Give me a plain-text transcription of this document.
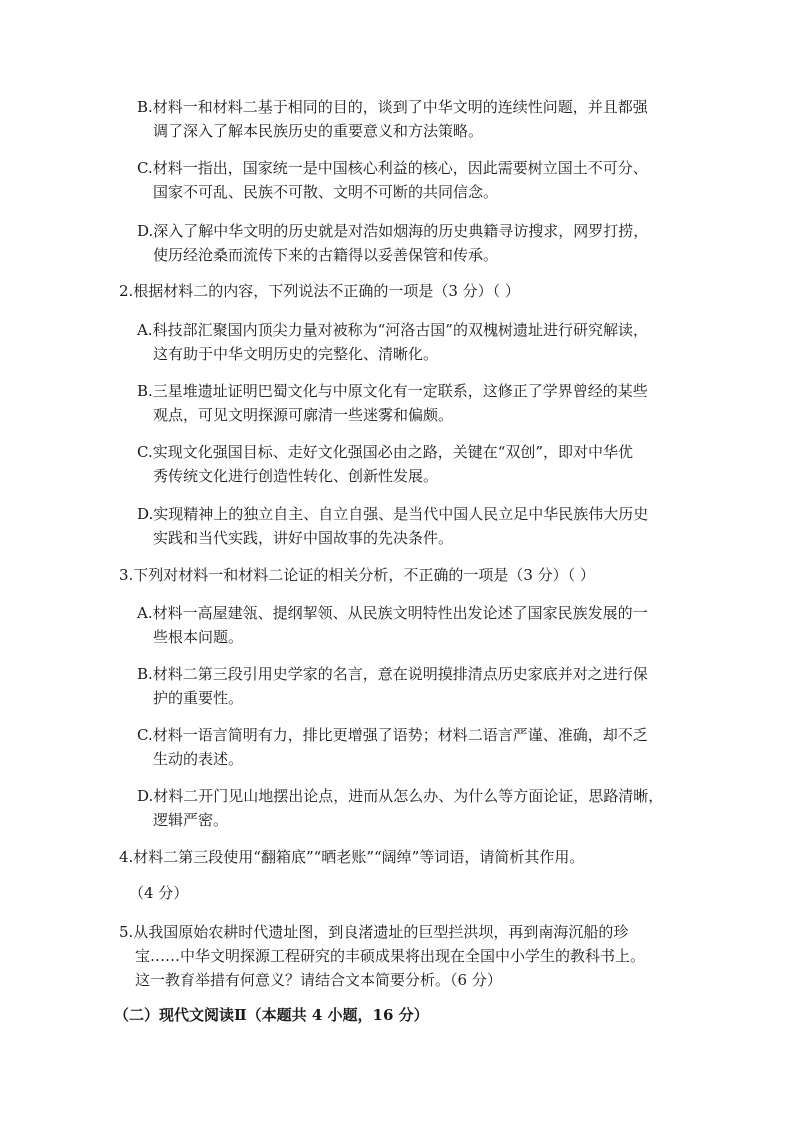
B.材料一和材料二基于相同的目的，谈到了中华文明的连续性问题，并且都强
调了深入了解本民族历史的重要意义和方法策略。
C.材料一指出，国家统一是中国核心利益的核心，因此需要树立国土不可分、
国家不可乱、民族不可散、文明不可断的共同信念。
D.深入了解中华文明的历史就是对浩如烟海的历史典籍寻访搜求，网罗打捞，
使历经沧桑而流传下来的古籍得以妥善保管和传承。
2.根据材料二的内容，下列说法不正确的一项是（3 分）（ ）
A.科技部汇聚国内顶尖力量对被称为“河洛古国”的双槐树遗址进行研究解读，
这有助于中华文明历史的完整化、清晰化。
B.三星堆遗址证明巴蜀文化与中原文化有一定联系，这修正了学界曾经的某些
观点，可见文明探源可廓清一些迷雾和偏颇。
C.实现文化强国目标、走好文化强国必由之路，关键在“双创”，即对中华优
秀传统文化进行创造性转化、创新性发展。
D.实现精神上的独立自主、自立自强、是当代中国人民立足中华民族伟大历史
实践和当代实践，讲好中国故事的先决条件。
3.下列对材料一和材料二论证的相关分析，不正确的一项是（3 分）（ ）
A.材料一高屋建瓴、提纲挈领、从民族文明特性出发论述了国家民族发展的一
些根本问题。
B.材料二第三段引用史学家的名言，意在说明摸排清点历史家底并对之进行保
护的重要性。
C.材料一语言简明有力，排比更增强了语势；材料二语言严谨、准确，却不乏
生动的表述。
D.材料二开门见山地摆出论点，进而从怎么办、为什么等方面论证，思路清晰，
逻辑严密。
4.材料二第三段使用“翻箱底”“晒老账”“阔绰”等词语，请简析其作用。
（4 分）
5.从我国原始农耕时代遗址图，到良渚遗址的巨型拦洪坝，再到南海沉船的珍
宝……中华文明探源工程研究的丰硕成果将出现在全国中小学生的教科书上。
这一教育举措有何意义？请结合文本简要分析。（6 分）
（二）现代文阅读Ⅱ（本题共 4 小题，16 分）
